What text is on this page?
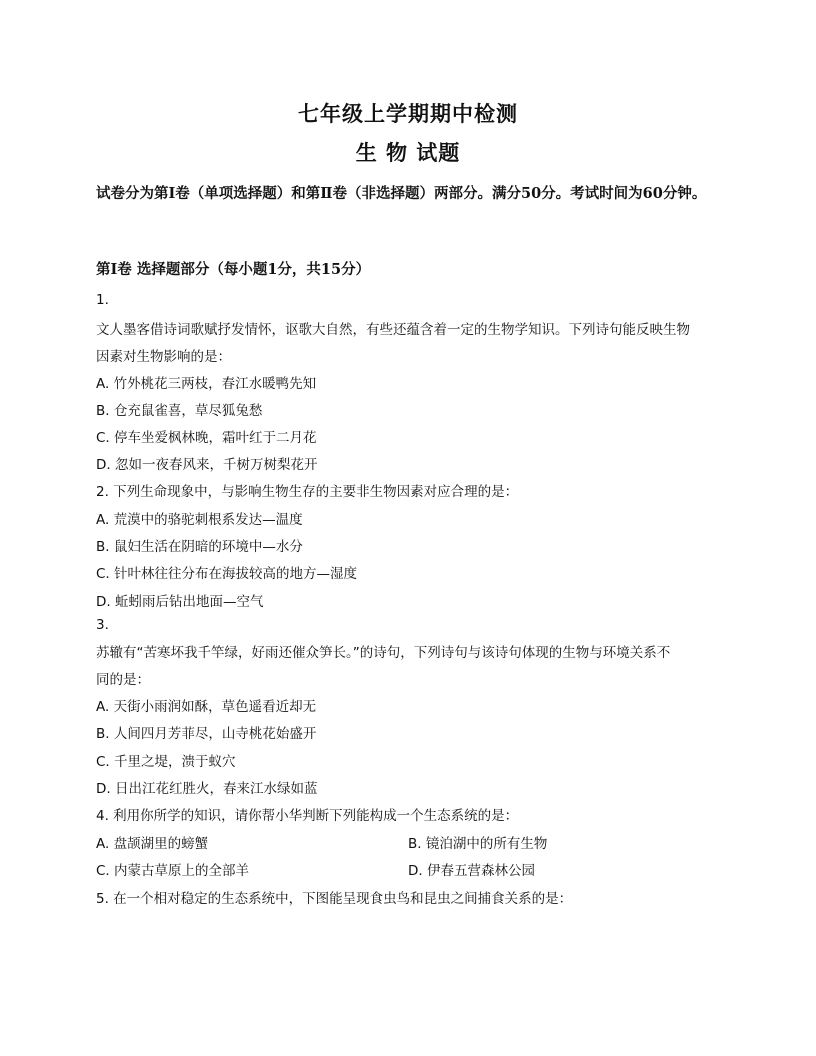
七年级上学期期中检测
生 物 试题
试卷分为第Ⅰ卷（单项选择题）和第Ⅱ卷（非选择题）两部分。满分50分。考试时间为60分钟。
第Ⅰ卷 选择题部分（每小题1分，共15分）
1.
文人墨客借诗词歌赋抒发情怀，讴歌大自然，有些还蕴含着一定的生物学知识。下列诗句能反映生物
因素对生物影响的是：
A. 竹外桃花三两枝，春江水暖鸭先知
B. 仓充鼠雀喜，草尽狐兔愁
C. 停车坐爱枫林晚，霜叶红于二月花
D. 忽如一夜春风来，千树万树梨花开
2. 下列生命现象中，与影响生物生存的主要非生物因素对应合理的是：
A. 荒漠中的骆驼刺根系发达—温度
B. 鼠妇生活在阴暗的环境中—水分
C. 针叶林往往分布在海拔较高的地方—湿度
D. 蚯蚓雨后钻出地面—空气
3.
苏辙有“苦寒坏我千竿绿，好雨还催众笋长。”的诗句，下列诗句与该诗句体现的生物与环境关系不
同的是：
A. 天街小雨润如酥，草色遥看近却无
B. 人间四月芳菲尽，山寺桃花始盛开
C. 千里之堤，溃于蚁穴
D. 日出江花红胜火，春来江水绿如蓝
4. 利用你所学的知识，请你帮小华判断下列能构成一个生态系统的是：
A. 盘颉湖里的螃蟹	B. 镜泊湖中的所有生物
C. 内蒙古草原上的全部羊	D. 伊春五营森林公园
5. 在一个相对稳定的生态系统中，下图能呈现食虫鸟和昆虫之间捕食关系的是：
